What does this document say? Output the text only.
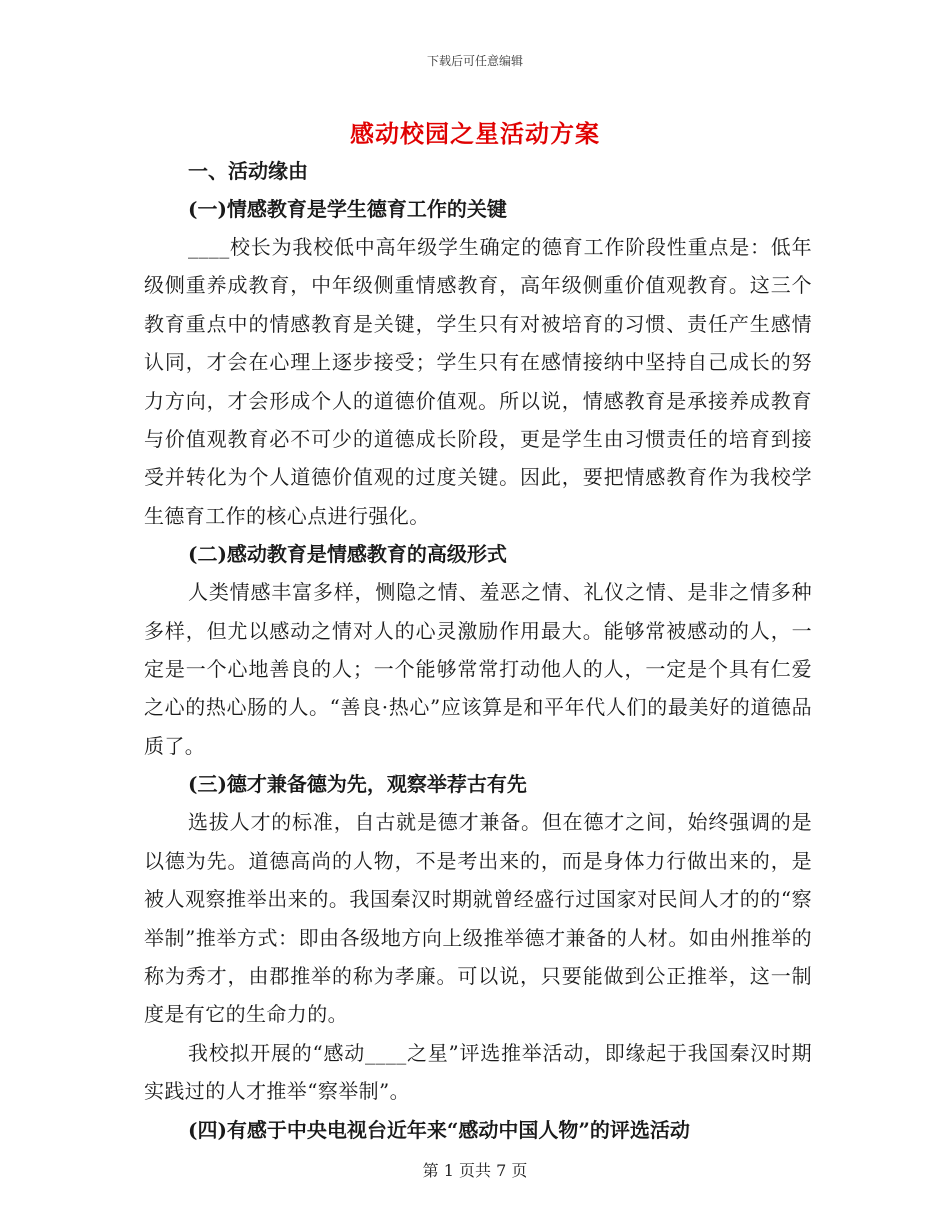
下载后可任意编辑
感动校园之星活动方案

一、活动缘由

(一)情感教育是学生德育工作的关键

____校长为我校低中高年级学生确定的德育工作阶段性重点是：低年级侧重养成教育，中年级侧重情感教育，高年级侧重价值观教育。这三个教育重点中的情感教育是关键，学生只有对被培育的习惯、责任产生感情认同，才会在心理上逐步接受；学生只有在感情接纳中坚持自己成长的努力方向，才会形成个人的道德价值观。所以说，情感教育是承接养成教育与价值观教育必不可少的道德成长阶段，更是学生由习惯责任的培育到接受并转化为个人道德价值观的过度关键。因此，要把情感教育作为我校学生德育工作的核心点进行强化。

(二)感动教育是情感教育的高级形式

人类情感丰富多样，恻隐之情、羞恶之情、礼仪之情、是非之情多种多样，但尤以感动之情对人的心灵激励作用最大。能够常被感动的人，一定是一个心地善良的人；一个能够常常打动他人的人，一定是个具有仁爱之心的热心肠的人。“善良·热心”应该算是和平年代人们的最美好的道德品质了。

(三)德才兼备德为先，观察举荐古有先

选拔人才的标准，自古就是德才兼备。但在德才之间，始终强调的是以德为先。道德高尚的人物，不是考出来的，而是身体力行做出来的，是被人观察推举出来的。我国秦汉时期就曾经盛行过国家对民间人才的的“察举制”推举方式：即由各级地方向上级推举德才兼备的人材。如由州推举的称为秀才，由郡推举的称为孝廉。可以说，只要能做到公正推举，这一制度是有它的生命力的。

我校拟开展的“感动____之星”评选推举活动，即缘起于我国秦汉时期实践过的人才推举“察举制”。

(四)有感于中央电视台近年来“感动中国人物”的评选活动

第 1 页共 7 页
